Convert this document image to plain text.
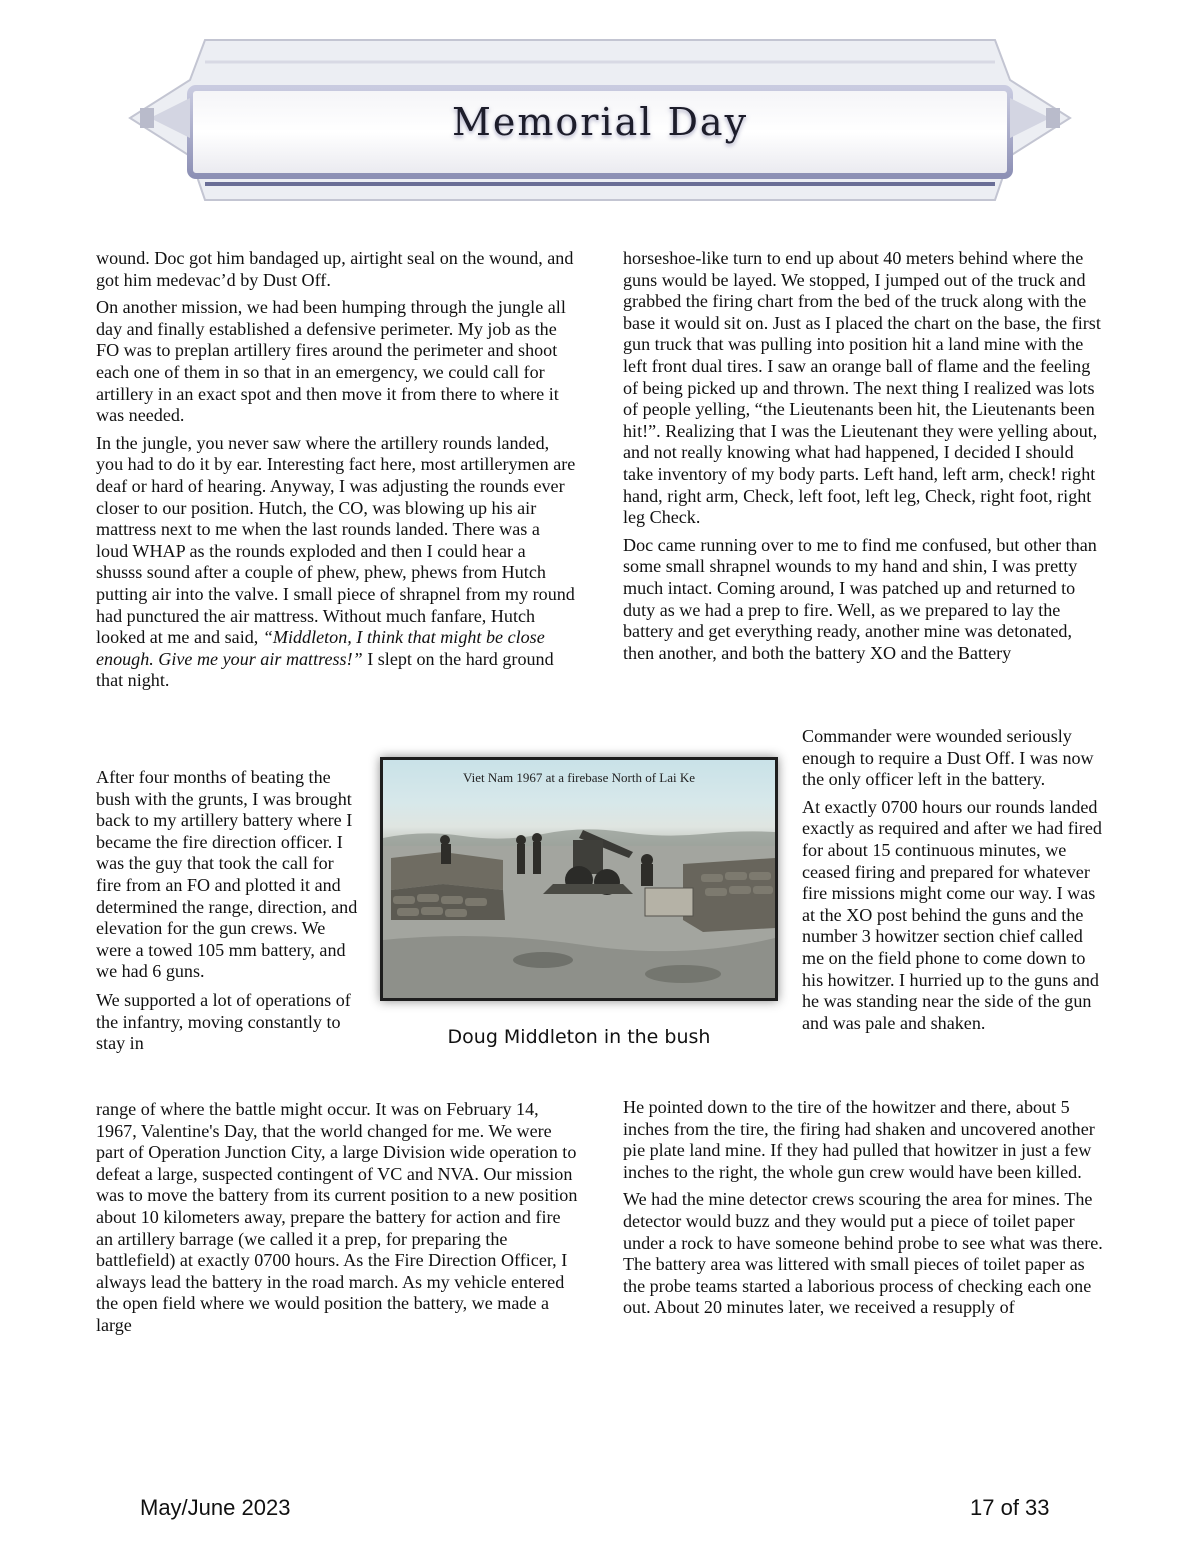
Memorial Day

wound. Doc got him bandaged up, airtight seal on the wound, and got him medevac’d by Dust Off.

On another mission, we had been humping through the jungle all day and finally established a defensive perimeter. My job as the FO was to preplan artillery fires around the perimeter and shoot each one of them in so that in an emergency, we could call for artillery in an exact spot and then move it from there to where it was needed.

In the jungle, you never saw where the artillery rounds landed, you had to do it by ear. Interesting fact here, most artillerymen are deaf or hard of hearing. Anyway, I was adjusting the rounds ever closer to our position. Hutch, the CO, was blowing up his air mattress next to me when the last rounds landed. There was a loud WHAP as the rounds exploded and then I could hear a shusss sound after a couple of phew, phew, phews from Hutch putting air into the valve. I small piece of shrapnel from my round had punctured the air mattress. Without much fanfare, Hutch looked at me and said, “Middleton, I think that might be close enough. Give me your air mattress!” I slept on the hard ground that night.

After four months of beating the bush with the grunts, I was brought back to my artillery battery where I became the fire direction officer. I was the guy that took the call for fire from an FO and plotted it and determined the range, direction, and elevation for the gun crews. We were a towed 105 mm battery, and we had 6 guns.

We supported a lot of operations of the infantry, moving constantly to stay in

range of where the battle might occur. It was on February 14, 1967, Valentine's Day, that the world changed for me. We were part of Operation Junction City, a large Division wide operation to defeat a large, suspected contingent of VC and NVA. Our mission was to move the battery from its current position to a new position about 10 kilometers away, prepare the battery for action and fire an artillery barrage (we called it a prep, for preparing the battlefield) at exactly 0700 hours. As the Fire Direction Officer, I always lead the battery in the road march. As my vehicle entered the open field where we would position the battery, we made a large

horseshoe-like turn to end up about 40 meters behind where the guns would be layed. We stopped, I jumped out of the truck and grabbed the firing chart from the bed of the truck along with the base it would sit on. Just as I placed the chart on the base, the first gun truck that was pulling into position hit a land mine with the left front dual tires. I saw an orange ball of flame and the feeling of being picked up and thrown. The next thing I realized was lots of people yelling, “the Lieutenants been hit, the Lieutenants been hit!”. Realizing that I was the Lieutenant they were yelling about, and not really knowing what had happened, I decided I should take inventory of my body parts. Left hand, left arm, check! right hand, right arm, Check, left foot, left leg, Check, right foot, right leg Check.

Doc came running over to me to find me confused, but other than some small shrapnel wounds to my hand and shin, I was pretty much intact. Coming around, I was patched up and returned to duty as we had a prep to fire. Well, as we prepared to lay the battery and get everything ready, another mine was detonated, then another, and both the battery XO and the Battery

Commander were wounded seriously enough to require a Dust Off. I was now the only officer left in the battery.

At exactly 0700 hours our rounds landed exactly as required and after we had fired for about 15 continuous minutes, we ceased firing and prepared for whatever fire missions might come our way. I was at the XO post behind the guns and the number 3 howitzer section chief called me on the field phone to come down to his howitzer. I hurried up to the guns and he was standing near the side of the gun and was pale and shaken.

He pointed down to the tire of the howitzer and there, about 5 inches from the tire, the firing had shaken and uncovered another pie plate land mine. If they had pulled that howitzer in just a few inches to the right, the whole gun crew would have been killed.

We had the mine detector crews scouring the area for mines. The detector would buzz and they would put a piece of toilet paper under a rock to have someone behind probe to see what was there. The battery area was littered with small pieces of toilet paper as the probe teams started a laborious process of checking each one out. About 20 minutes later, we received a resupply of

Viet Nam 1967 at a firebase North of Lai Ke
Doug Middleton in the bush
May/June 2023	17 of 33
